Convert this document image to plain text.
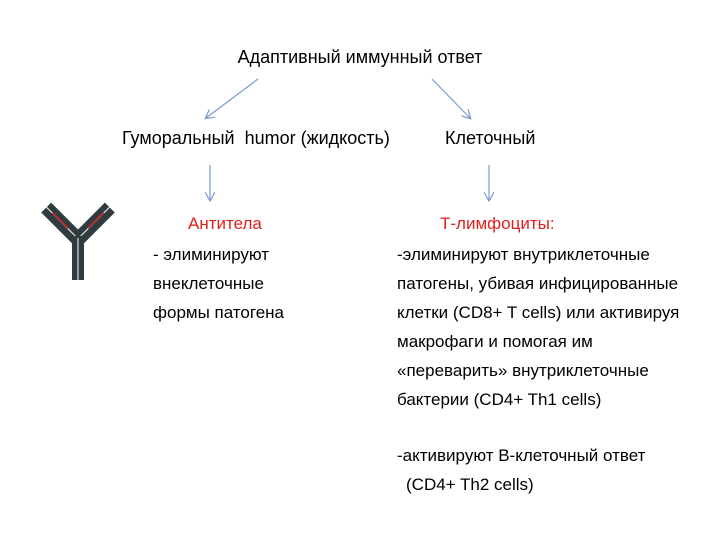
Адаптивный иммунный ответ
Гуморальный  humor (жидкость)	Клеточный
Антитела
- элиминируют
внеклеточные
формы патогена
Т-лимфоциты:
-элиминируют внутриклеточные
патогены, убивая инфицированные
клетки (CD8+ T cells) или активируя
макрофаги и помогая им
«переварить» внутриклеточные
бактерии (CD4+ Th1 cells)
-активируют В-клеточный ответ
(CD4+ Th2 cells)
